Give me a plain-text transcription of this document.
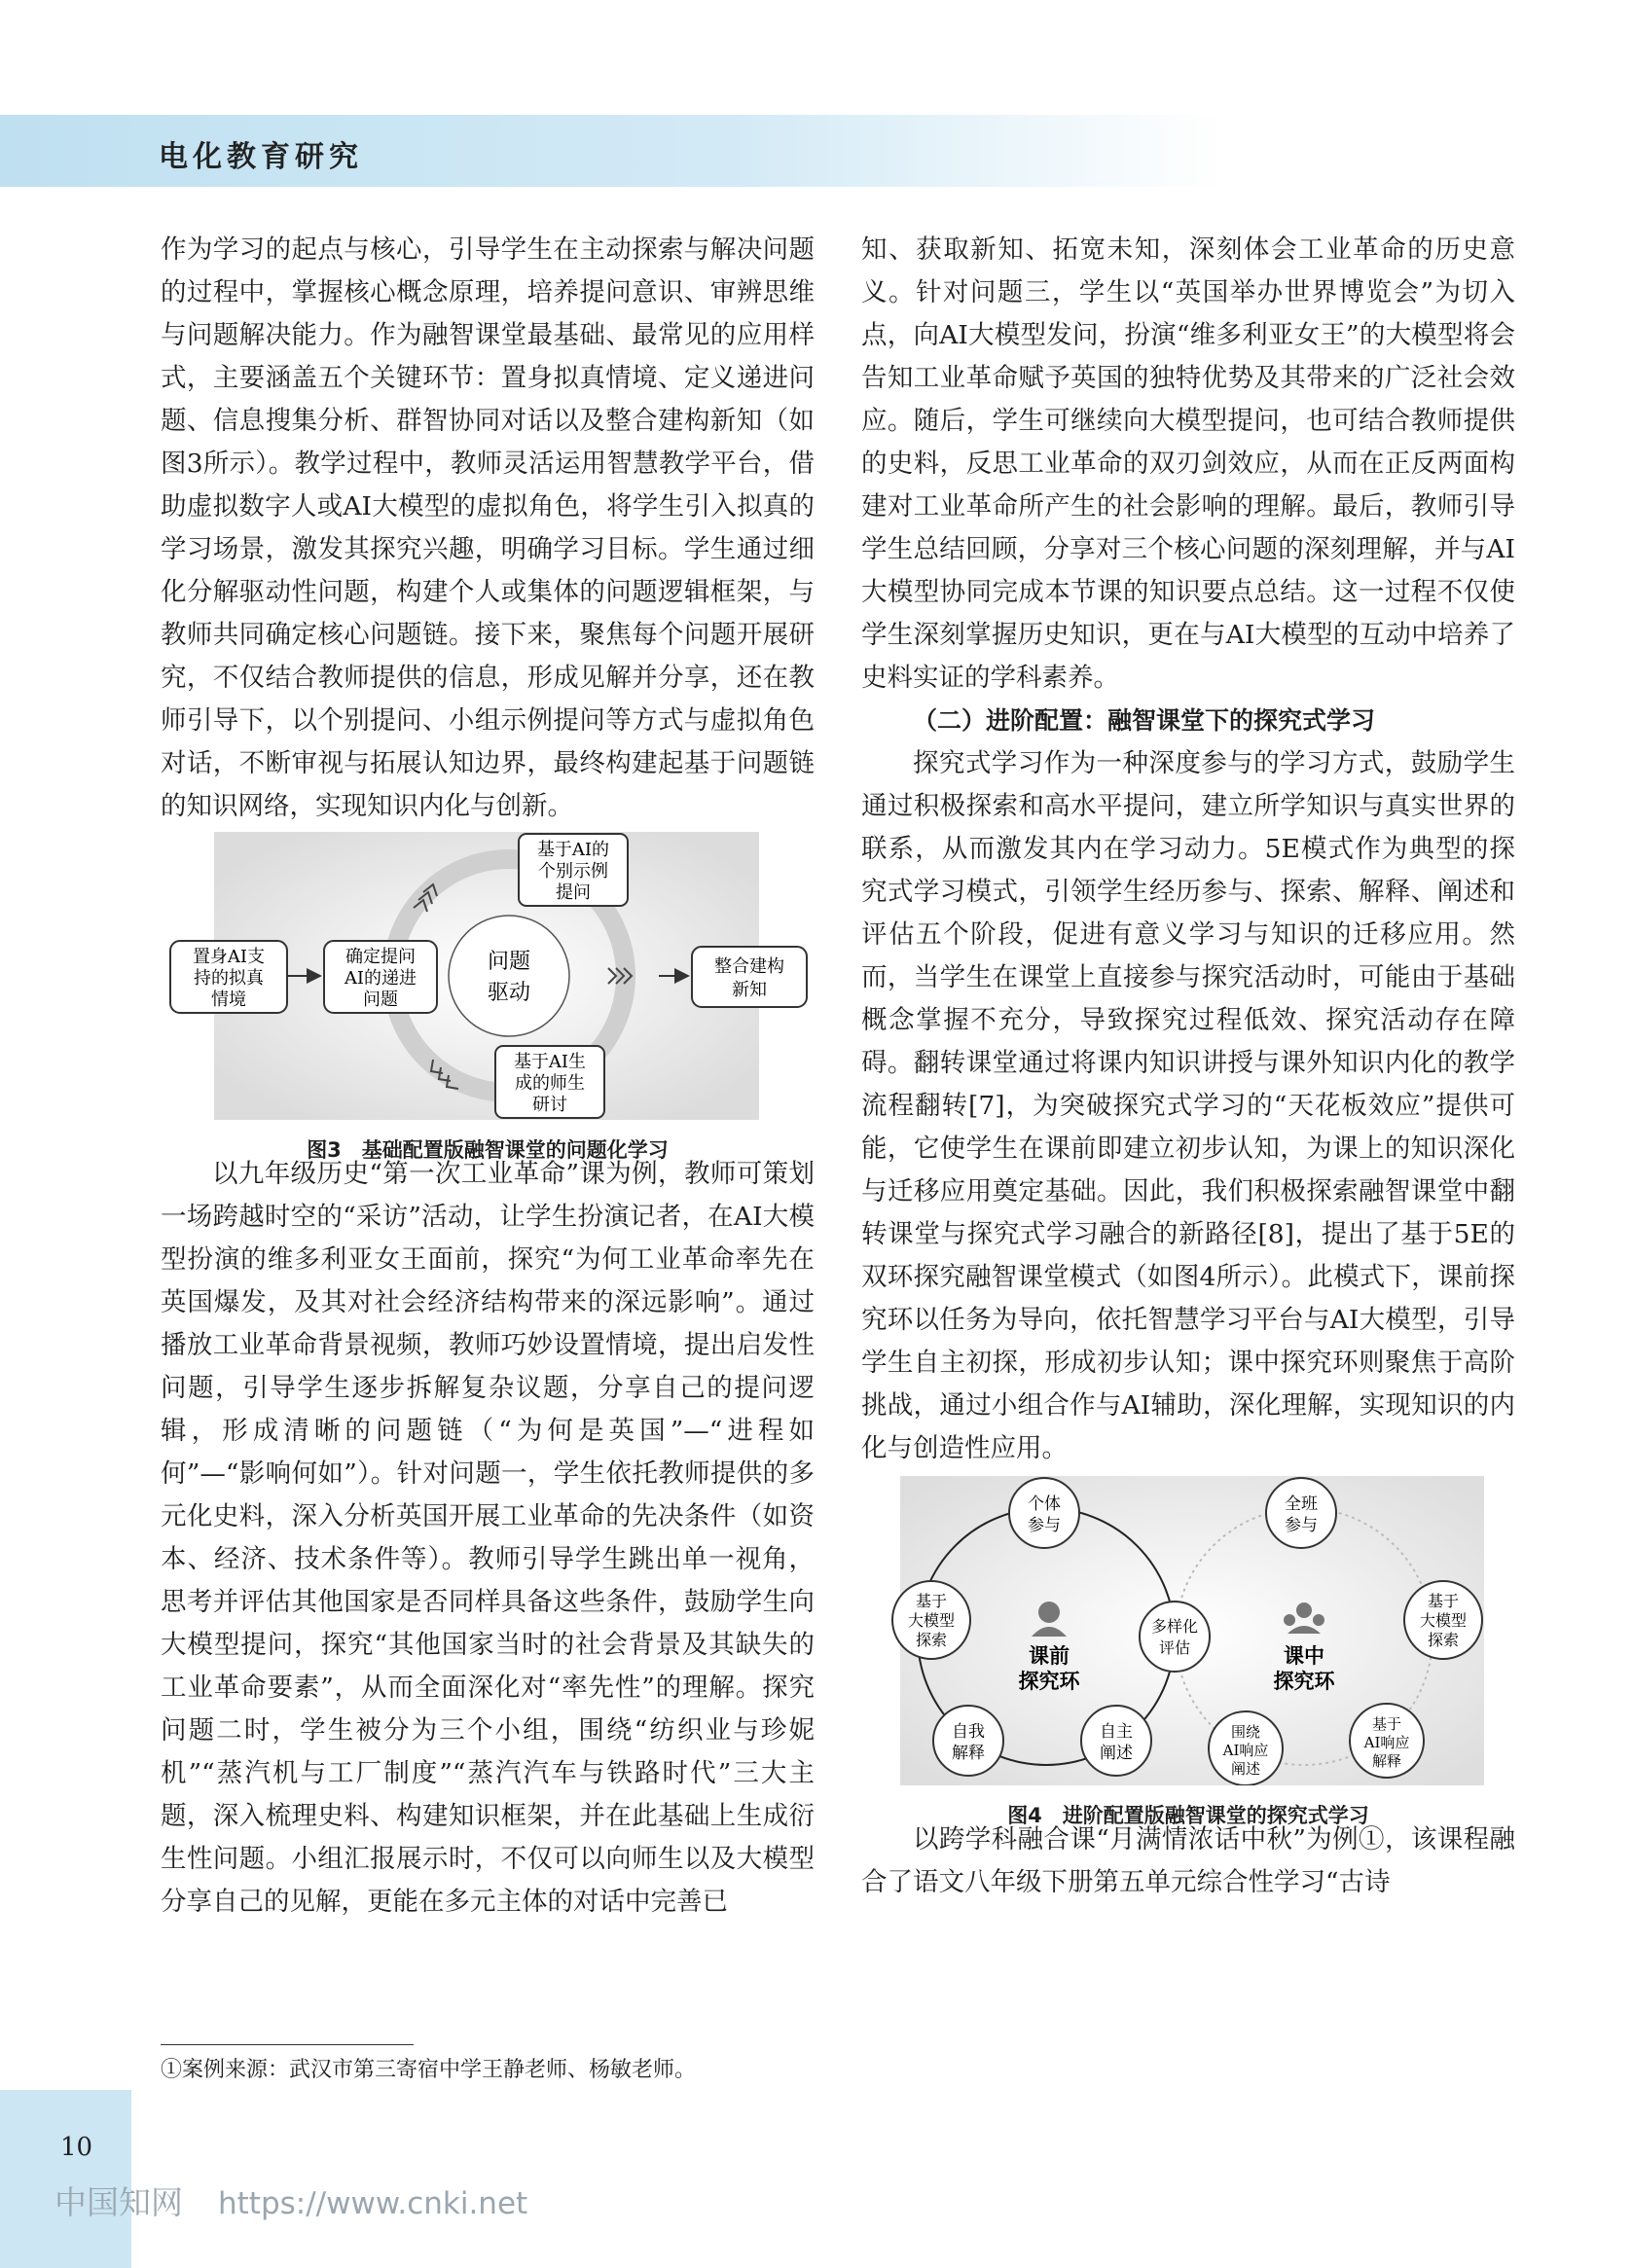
电化教育研究

作为学习的起点与核心，引导学生在主动探索与解决问题的过程中，掌握核心概念原理，培养提问意识、审辨思维与问题解决能力。作为融智课堂最基础、最常见的应用样式，主要涵盖五个关键环节：置身拟真情境、定义递进问题、信息搜集分析、群智协同对话以及整合建构新知（如图3所示）。教学过程中，教师灵活运用智慧教学平台，借助虚拟数字人或AI大模型的虚拟角色，将学生引入拟真的学习场景，激发其探究兴趣，明确学习目标。学生通过细化分解驱动性问题，构建个人或集体的问题逻辑框架，与教师共同确定核心问题链。接下来，聚焦每个问题开展研究，不仅结合教师提供的信息，形成见解并分享，还在教师引导下，以个别提问、小组示例提问等方式与虚拟角色对话，不断审视与拓展认知边界，最终构建起基于问题链的知识网络，实现知识内化与创新。

问题
驱动
置身AI支
持的拟真
情境
确定提问
AI的递进
问题
基于AI的
个别示例
提问
基于AI生
成的师生
研讨
整合建构
新知
图3　基础配置版融智课堂的问题化学习

以九年级历史“第一次工业革命”课为例，教师可策划一场跨越时空的“采访”活动，让学生扮演记者，在AI大模型扮演的维多利亚女王面前，探究“为何工业革命率先在英国爆发，及其对社会经济结构带来的深远影响”。通过播放工业革命背景视频，教师巧妙设置情境，提出启发性问题，引导学生逐步拆解复杂议题，分享自己的提问逻辑，形成清晰的问题链（“为何是英国”—“进程如何”—“影响何如”）。针对问题一，学生依托教师提供的多元化史料，深入分析英国开展工业革命的先决条件（如资本、经济、技术条件等）。教师引导学生跳出单一视角，思考并评估其他国家是否同样具备这些条件，鼓励学生向大模型提问，探究“其他国家当时的社会背景及其缺失的工业革命要素”，从而全面深化对“率先性”的理解。探究问题二时，学生被分为三个小组，围绕“纺织业与珍妮机”“蒸汽机与工厂制度”“蒸汽汽车与铁路时代”三大主题，深入梳理史料、构建知识框架，并在此基础上生成衍生性问题。小组汇报展示时，不仅可以向师生以及大模型分享自己的见解，更能在多元主体的对话中完善已

知、获取新知、拓宽未知，深刻体会工业革命的历史意义。针对问题三，学生以“英国举办世界博览会”为切入点，向AI大模型发问，扮演“维多利亚女王”的大模型将会告知工业革命赋予英国的独特优势及其带来的广泛社会效应。随后，学生可继续向大模型提问，也可结合教师提供的史料，反思工业革命的双刃剑效应，从而在正反两面构建对工业革命所产生的社会影响的理解。最后，教师引导学生总结回顾，分享对三个核心问题的深刻理解，并与AI大模型协同完成本节课的知识要点总结。这一过程不仅使学生深刻掌握历史知识，更在与AI大模型的互动中培养了史料实证的学科素养。

（二）进阶配置：融智课堂下的探究式学习

探究式学习作为一种深度参与的学习方式，鼓励学生通过积极探索和高水平提问，建立所学知识与真实世界的联系，从而激发其内在学习动力。5E模式作为典型的探究式学习模式，引领学生经历参与、探索、解释、阐述和评估五个阶段，促进有意义学习与知识的迁移应用。然而，当学生在课堂上直接参与探究活动时，可能由于基础概念掌握不充分，导致探究过程低效、探究活动存在障碍。翻转课堂通过将课内知识讲授与课外知识内化的教学流程翻转[7]，为突破探究式学习的“天花板效应”提供可能，它使学生在课前即建立初步认知，为课上的知识深化与迁移应用奠定基础。因此，我们积极探索融智课堂中翻转课堂与探究式学习融合的新路径[8]，提出了基于5E的双环探究融智课堂模式（如图4所示）。此模式下，课前探究环以任务为导向，依托智慧学习平台与AI大模型，引导学生自主初探，形成初步认知；课中探究环则聚焦于高阶挑战，通过小组合作与AI辅助，深化理解，实现知识的内化与创造性应用。

课前
探究环
课中
探究环
个体
参与
基于
大模型
探索
自我
解释
自主
阐述
多样化
评估
全班
参与
基于
大模型
探索
基于
AI响应
解释
围绕
AI响应
阐述
图4　进阶配置版融智课堂的探究式学习

以跨学科融合课“月满情浓话中秋”为例①，该课程融合了语文八年级下册第五单元综合性学习“古诗

①案例来源：武汉市第三寄宿中学王静老师、杨敏老师。
10
中国知网 https://www.cnki.net
